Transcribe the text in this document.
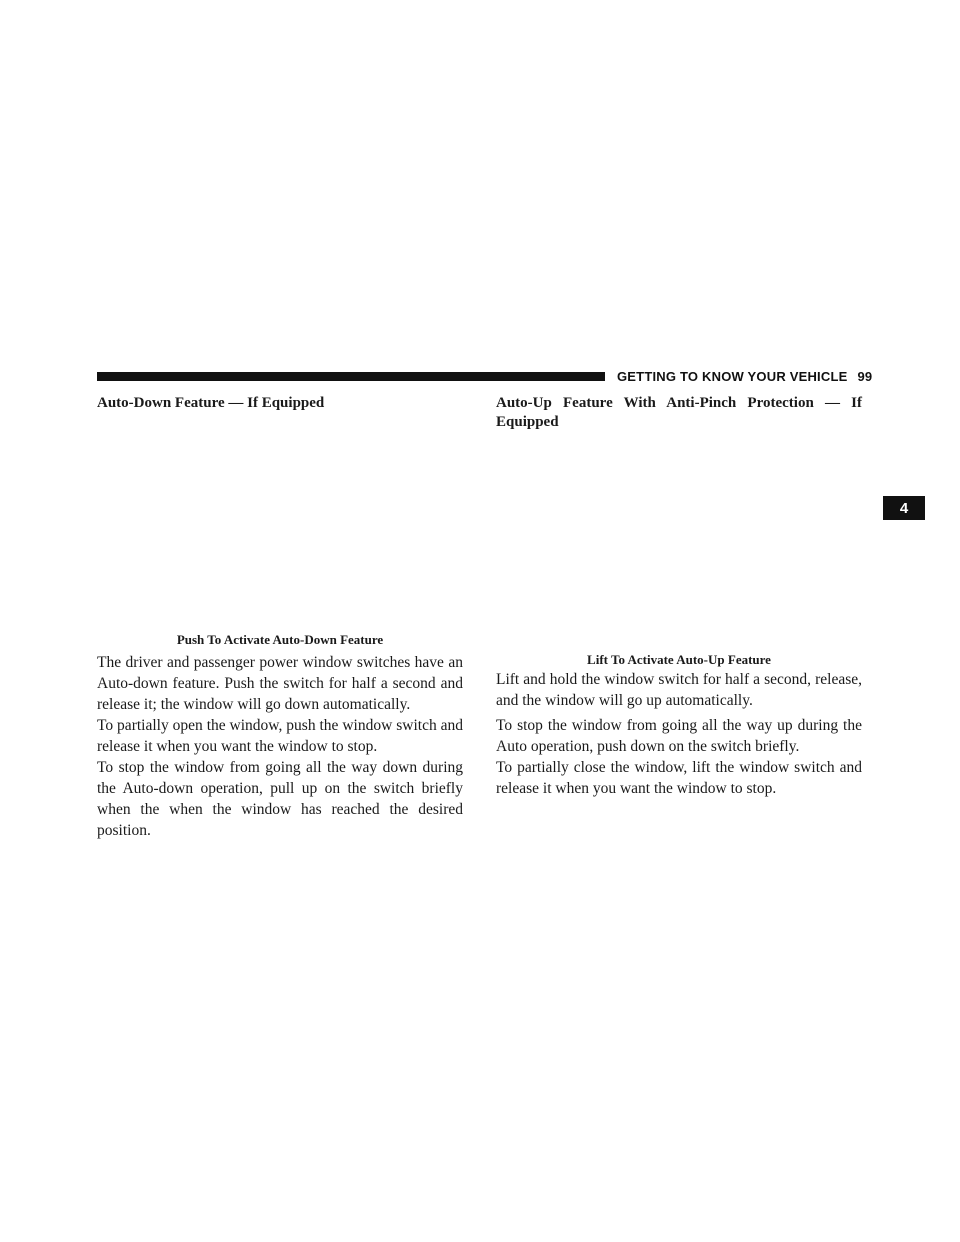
GETTING TO KNOW YOUR VEHICLE 99
4
Auto-Down Feature — If Equipped

Push To Activate Auto-Down Feature

The driver and passenger power window switches have an Auto-down feature. Push the switch for half a second and release it; the window will go down automatically.

To partially open the window, push the window switch and release it when you want the window to stop.

To stop the window from going all the way down during the Auto-down operation, pull up on the switch briefly when the when the window has reached the desired position.

Auto-Up Feature With Anti-Pinch Protection — If Equipped

Lift To Activate Auto-Up Feature

Lift and hold the window switch for half a second, release, and the window will go up automatically.

To stop the window from going all the way up during the Auto operation, push down on the switch briefly.

To partially close the window, lift the window switch and release it when you want the window to stop.
